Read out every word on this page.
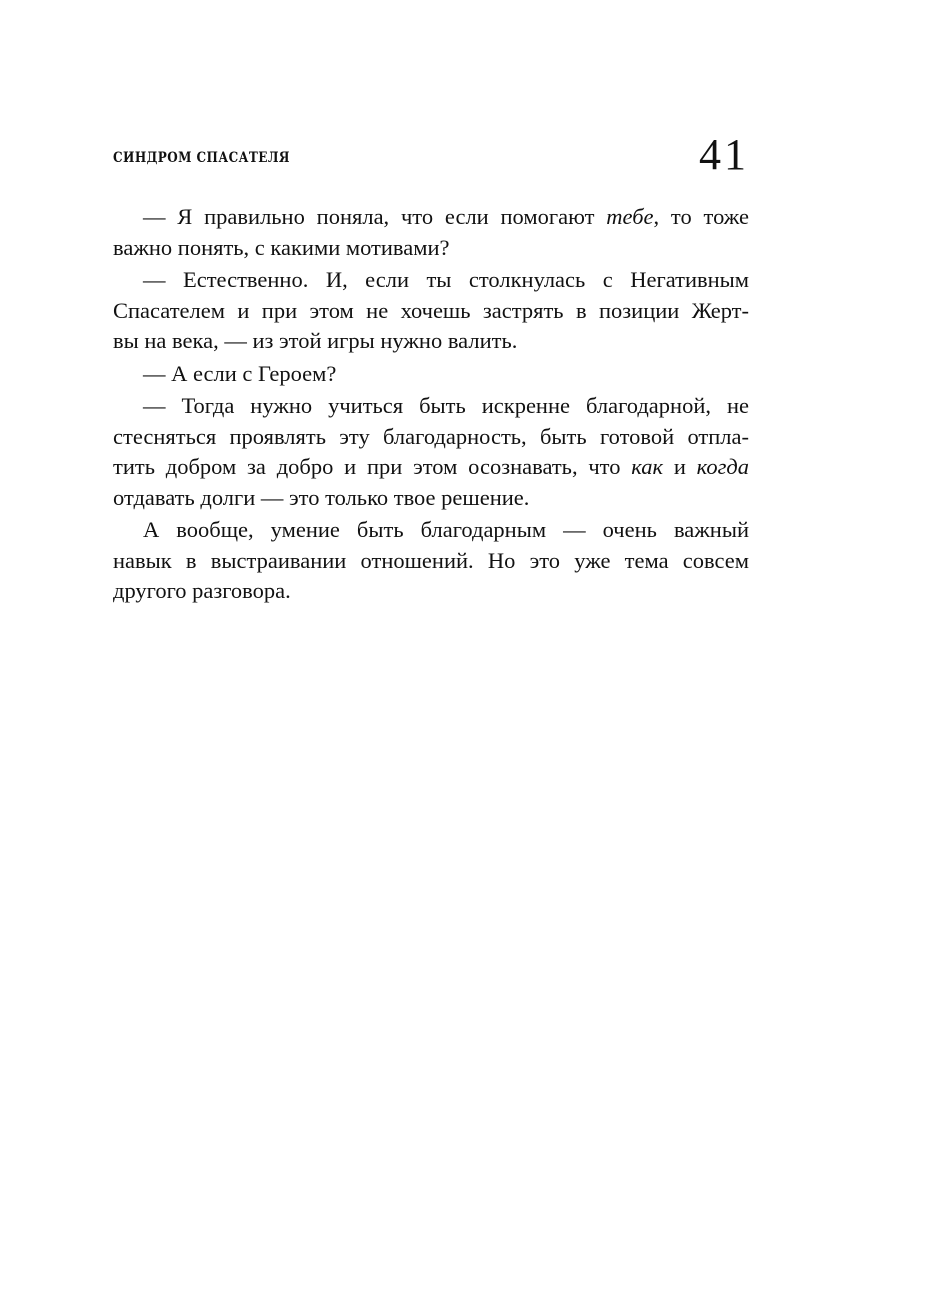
СИНДРОМ СПАСАТЕЛЯ	41
— Я правильно поняла, что если помогают тебе, то тоже
важно понять, с какими мотивами?
— Естественно. И, если ты столкнулась с Негативным
Спасателем и при этом не хочешь застрять в позиции Жерт-
вы на века, — из этой игры нужно валить.
— А если с Героем?
— Тогда нужно учиться быть искренне благодарной, не
стесняться проявлять эту благодарность, быть готовой отпла-
тить добром за добро и при этом осознавать, что как и когда
отдавать долги — это только твое решение.
А вообще, умение быть благодарным — очень важный
навык в выстраивании отношений. Но это уже тема совсем
другого разговора.
